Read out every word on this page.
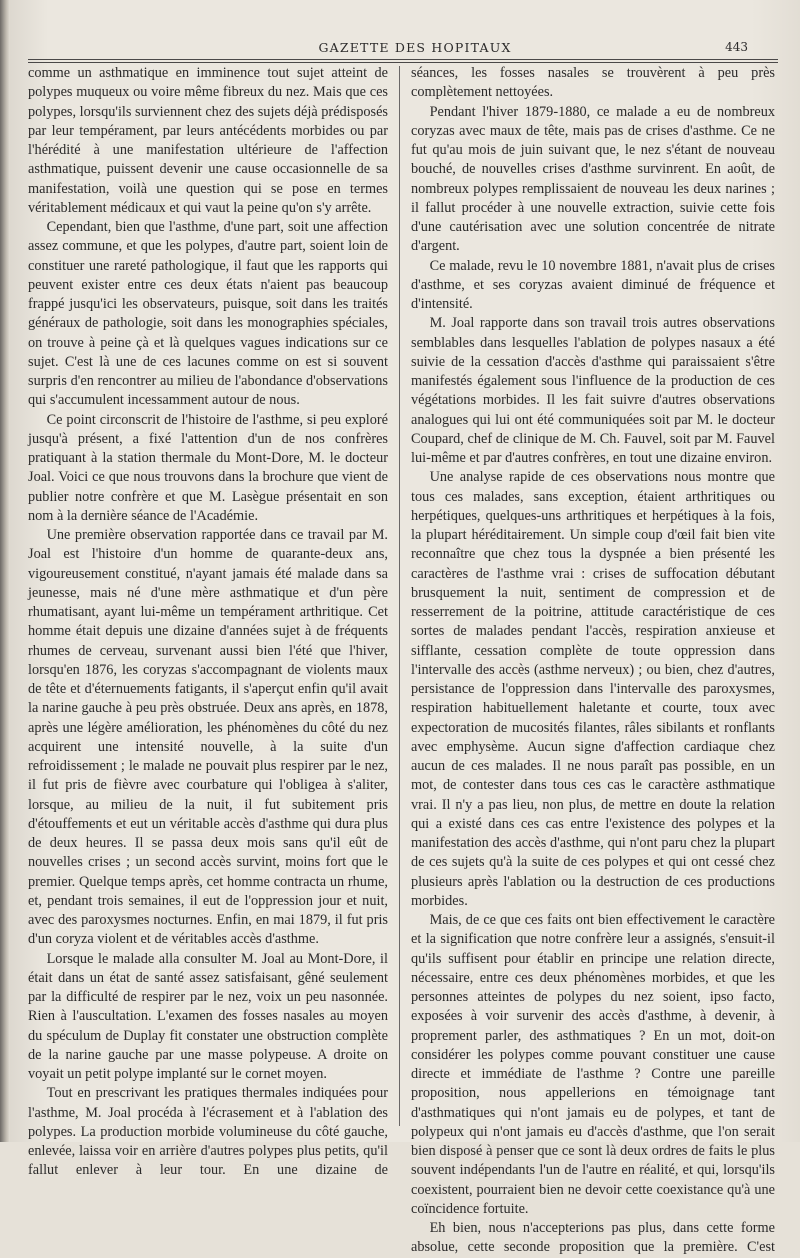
GAZETTE DES HOPITAUX	443

comme un asthmatique en imminence tout sujet atteint de polypes muqueux ou voire même fibreux du nez. Mais que ces polypes, lorsqu'ils surviennent chez des sujets déjà prédisposés par leur tempérament, par leurs antécédents morbides ou par l'hérédité à une manifestation ultérieure de l'affection asthmatique, puissent devenir une cause occasionnelle de sa manifestation, voilà une question qui se pose en termes véritablement médicaux et qui vaut la peine qu'on s'y arrête.

Cependant, bien que l'asthme, d'une part, soit une affection assez commune, et que les polypes, d'autre part, soient loin de constituer une rareté pathologique, il faut que les rapports qui peuvent exister entre ces deux états n'aient pas beaucoup frappé jusqu'ici les observateurs, puisque, soit dans les traités généraux de pathologie, soit dans les monographies spéciales, on trouve à peine çà et là quelques vagues indications sur ce sujet. C'est là une de ces lacunes comme on est si souvent surpris d'en rencontrer au milieu de l'abondance d'observations qui s'accumulent incessamment autour de nous.

Ce point circonscrit de l'histoire de l'asthme, si peu exploré jusqu'à présent, a fixé l'attention d'un de nos confrères pratiquant à la station thermale du Mont-Dore, M. le docteur Joal. Voici ce que nous trouvons dans la brochure que vient de publier notre confrère et que M. Lasègue présentait en son nom à la dernière séance de l'Académie.

Une première observation rapportée dans ce travail par M. Joal est l'histoire d'un homme de quarante-deux ans, vigoureusement constitué, n'ayant jamais été malade dans sa jeunesse, mais né d'une mère asthmatique et d'un père rhumatisant, ayant lui-même un tempérament arthritique. Cet homme était depuis une dizaine d'années sujet à de fréquents rhumes de cerveau, survenant aussi bien l'été que l'hiver, lorsqu'en 1876, les coryzas s'accompagnant de violents maux de tête et d'éternuements fatigants, il s'aperçut enfin qu'il avait la narine gauche à peu près obstruée. Deux ans après, en 1878, après une légère amélioration, les phénomènes du côté du nez acquirent une intensité nouvelle, à la suite d'un refroidissement ; le malade ne pouvait plus respirer par le nez, il fut pris de fièvre avec courbature qui l'obligea à s'aliter, lorsque, au milieu de la nuit, il fut subitement pris d'étouffements et eut un véritable accès d'asthme qui dura plus de deux heures. Il se passa deux mois sans qu'il eût de nouvelles crises ; un second accès survint, moins fort que le premier. Quelque temps après, cet homme contracta un rhume, et, pendant trois semaines, il eut de l'oppression jour et nuit, avec des paroxysmes nocturnes. Enfin, en mai 1879, il fut pris d'un coryza violent et de véritables accès d'asthme.

Lorsque le malade alla consulter M. Joal au Mont-Dore, il était dans un état de santé assez satisfaisant, gêné seulement par la difficulté de respirer par le nez, voix un peu nasonnée. Rien à l'auscultation. L'examen des fosses nasales au moyen du spéculum de Duplay fit constater une obstruction complète de la narine gauche par une masse polypeuse. A droite on voyait un petit polype implanté sur le cornet moyen.

Tout en prescrivant les pratiques thermales indiquées pour l'asthme, M. Joal procéda à l'écrasement et à l'ablation des polypes. La production morbide volumineuse du côté gauche, enlevée, laissa voir en arrière d'autres polypes plus petits, qu'il fallut enlever à leur tour. En une dizaine de

séances, les fosses nasales se trouvèrent à peu près complètement nettoyées.

Pendant l'hiver 1879-1880, ce malade a eu de nombreux coryzas avec maux de tête, mais pas de crises d'asthme. Ce ne fut qu'au mois de juin suivant que, le nez s'étant de nouveau bouché, de nouvelles crises d'asthme survinrent. En août, de nombreux polypes remplissaient de nouveau les deux narines ; il fallut procéder à une nouvelle extraction, suivie cette fois d'une cautérisation avec une solution concentrée de nitrate d'argent.

Ce malade, revu le 10 novembre 1881, n'avait plus de crises d'asthme, et ses coryzas avaient diminué de fréquence et d'intensité.

M. Joal rapporte dans son travail trois autres observations semblables dans lesquelles l'ablation de polypes nasaux a été suivie de la cessation d'accès d'asthme qui paraissaient s'être manifestés également sous l'influence de la production de ces végétations morbides. Il les fait suivre d'autres observations analogues qui lui ont été communiquées soit par M. le docteur Coupard, chef de clinique de M. Ch. Fauvel, soit par M. Fauvel lui-même et par d'autres confrères, en tout une dizaine environ.

Une analyse rapide de ces observations nous montre que tous ces malades, sans exception, étaient arthritiques ou herpétiques, quelques-uns arthritiques et herpétiques à la fois, la plupart héréditairement. Un simple coup d'œil fait bien vite reconnaître que chez tous la dyspnée a bien présenté les caractères de l'asthme vrai : crises de suffocation débutant brusquement la nuit, sentiment de compression et de resserrement de la poitrine, attitude caractéristique de ces sortes de malades pendant l'accès, respiration anxieuse et sifflante, cessation complète de toute oppression dans l'intervalle des accès (asthme nerveux) ; ou bien, chez d'autres, persistance de l'oppression dans l'intervalle des paroxysmes, respiration habituellement haletante et courte, toux avec expectoration de mucosités filantes, râles sibilants et ronflants avec emphysème. Aucun signe d'affection cardiaque chez aucun de ces malades. Il ne nous paraît pas possible, en un mot, de contester dans tous ces cas le caractère asthmatique vrai. Il n'y a pas lieu, non plus, de mettre en doute la relation qui a existé dans ces cas entre l'existence des polypes et la manifestation des accès d'asthme, qui n'ont paru chez la plupart de ces sujets qu'à la suite de ces polypes et qui ont cessé chez plusieurs après l'ablation ou la destruction de ces productions morbides.

Mais, de ce que ces faits ont bien effectivement le caractère et la signification que notre confrère leur a assignés, s'ensuit-il qu'ils suffisent pour établir en principe une relation directe, nécessaire, entre ces deux phénomènes morbides, et que les personnes atteintes de polypes du nez soient, ipso facto, exposées à voir survenir des accès d'asthme, à devenir, à proprement parler, des asthmatiques ? En un mot, doit-on considérer les polypes comme pouvant constituer une cause directe et immédiate de l'asthme ? Contre une pareille proposition, nous appellerions en témoignage tant d'asthmatiques qui n'ont jamais eu de polypes, et tant de polypeux qui n'ont jamais eu d'accès d'asthme, que l'on serait bien disposé à penser que ce sont là deux ordres de faits le plus souvent indépendants l'un de l'autre en réalité, et qui, lorsqu'ils coexistent, pourraient bien ne devoir cette coexistance qu'à une coïncidence fortuite.

Eh bien, nous n'accepterions pas plus, dans cette forme absolue, cette seconde proposition que la première. C'est
